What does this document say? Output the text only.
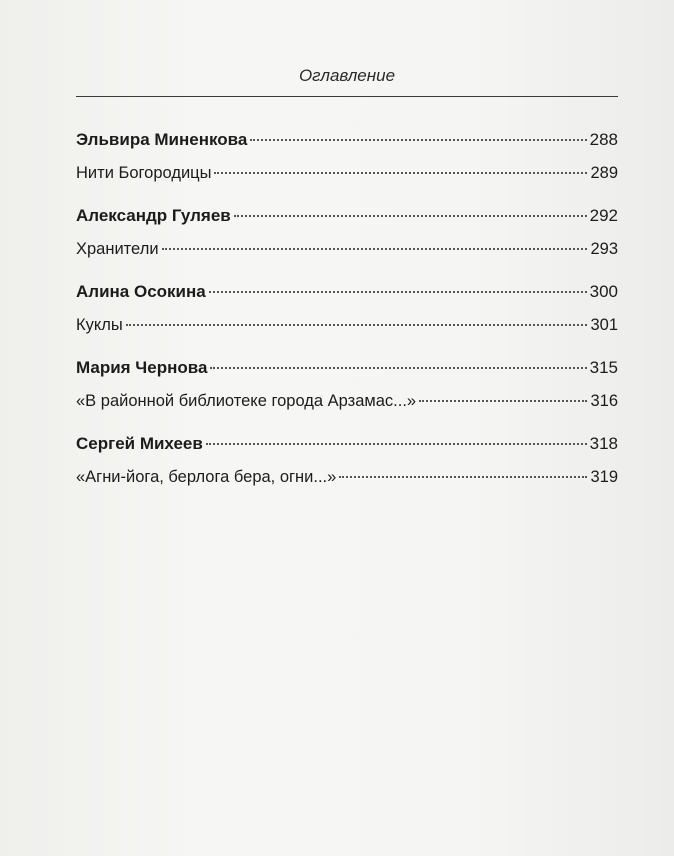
Оглавление
Эльвира Миненкова	288
Нити Богородицы	289
Александр Гуляев	292
Хранители	293
Алина Осокина	300
Куклы	301
Мария Чернова	315
«В районной библиотеке города Арзамас...»	316
Сергей Михеев	318
«Агни-йога, берлога бера, огни...»	319
